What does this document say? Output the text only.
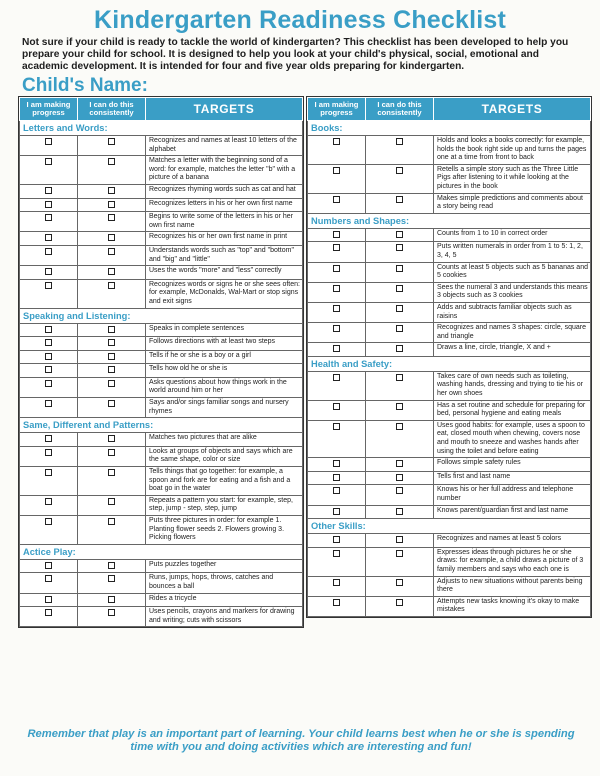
Kindergarten Readiness Checklist
Not sure if your child is ready to tackle the world of kindergarten? This checklist has been developed to help you prepare your child for school. It is designed to help you look at your child's physical, social, emotional and academic development. It is intended for four and five year olds preparing for kindergarten.
Child's Name:
I am making progress	I can do this consistently	TARGETS
Letters and Words:		
		Recognizes and names at least 10 letters of the alphabet
		Matches a letter with the beginning sond of a word: for example, matches the letter "b" with a picture of a banana
		Recognizes rhyming words such as cat and hat
		Recognizes letters in his or her own first name
		Begins to write some of the letters in his or her own first name
		Recognizes his or her own first name in print
		Understands words such as "top" and "bottom" and "big" and "little"
		Uses the words "more" and "less" correctly
		Recognizes words or signs he or she sees often: for example, McDonalds, Wal-Mart or stop signs and exit signs
Speaking and Listening:		
		Speaks in complete sentences
		Follows directions with at least two steps
		Tells if he or she is a boy or a girl
		Tells how old he or she is
		Asks questions about how things work in the world around him or her
		Says and/or sings familiar songs and nursery rhymes
Same, Different and Patterns:		
		Matches two pictures that are alike
		Looks at groups of objects and says which are the same shape, color or size
		Tells things that go together: for example, a spoon and fork are for eating and a fish and a boat go in the water
		Repeats a pattern you start: for example, step, step, jump - step, step, jump
		Puts three pictures in order: for example 1. Planting flower seeds 2. Flowers growing 3. Picking flowers
Actice Play:		
		Puts puzzles together
		Runs, jumps, hops, throws, catches and bounces a ball
		Rides a tricycle
		Uses pencils, crayons and markers for drawing and writing; cuts with scissors
I am making progress	I can do this consistently	TARGETS
Books:		
		Holds and looks a books correctly: for example, holds the book right side up and turns the pages one at a time from front to back
		Retells a simple story such as the Three Little Pigs after listening to it while looking at the pictures in the book
		Makes simple predictions and comments about a story being read
Numbers and Shapes:		
		Counts from 1 to 10 in correct order
		Puts written numerals in order from 1 to 5: 1, 2, 3, 4, 5
		Counts at least 5 objects such as 5 bananas and 5 cookies
		Sees the numeral 3 and understands this means 3 objects such as 3 cookies
		Adds and subtracts familiar objects such as raisins
		Recognizes and names 3 shapes: circle, square and triangle
		Draws a line, circle, triangle, X and +
Health and Safety:		
		Takes care of own needs such as toileting, washing hands, dressing and trying to tie his or her own shoes
		Has a set routine and schedule for preparing for bed, personal hygiene and eating meals
		Uses good habits: for example, uses a spoon to eat, closed mouth when chewing, covers nose and mouth to sneeze and washes hands after using the toilet and before eating
		Follows simple safety rules
		Tells first and last name
		Knows his or her full address and telephone number
		Knows parent/guardian first and last name
Other Skills:		
		Recognizes and names at least 5 colors
		Expresses ideas through pictures he or she draws: for example, a child draws a picture of 3 family members and says who each one is
		Adjusts to new situations without parents being there
		Attempts new tasks knowing it's okay to make mistakes
Remember that play is an important part of learning. Your child learns best when he or she is spending time with you and doing activities which are interesting and fun!
